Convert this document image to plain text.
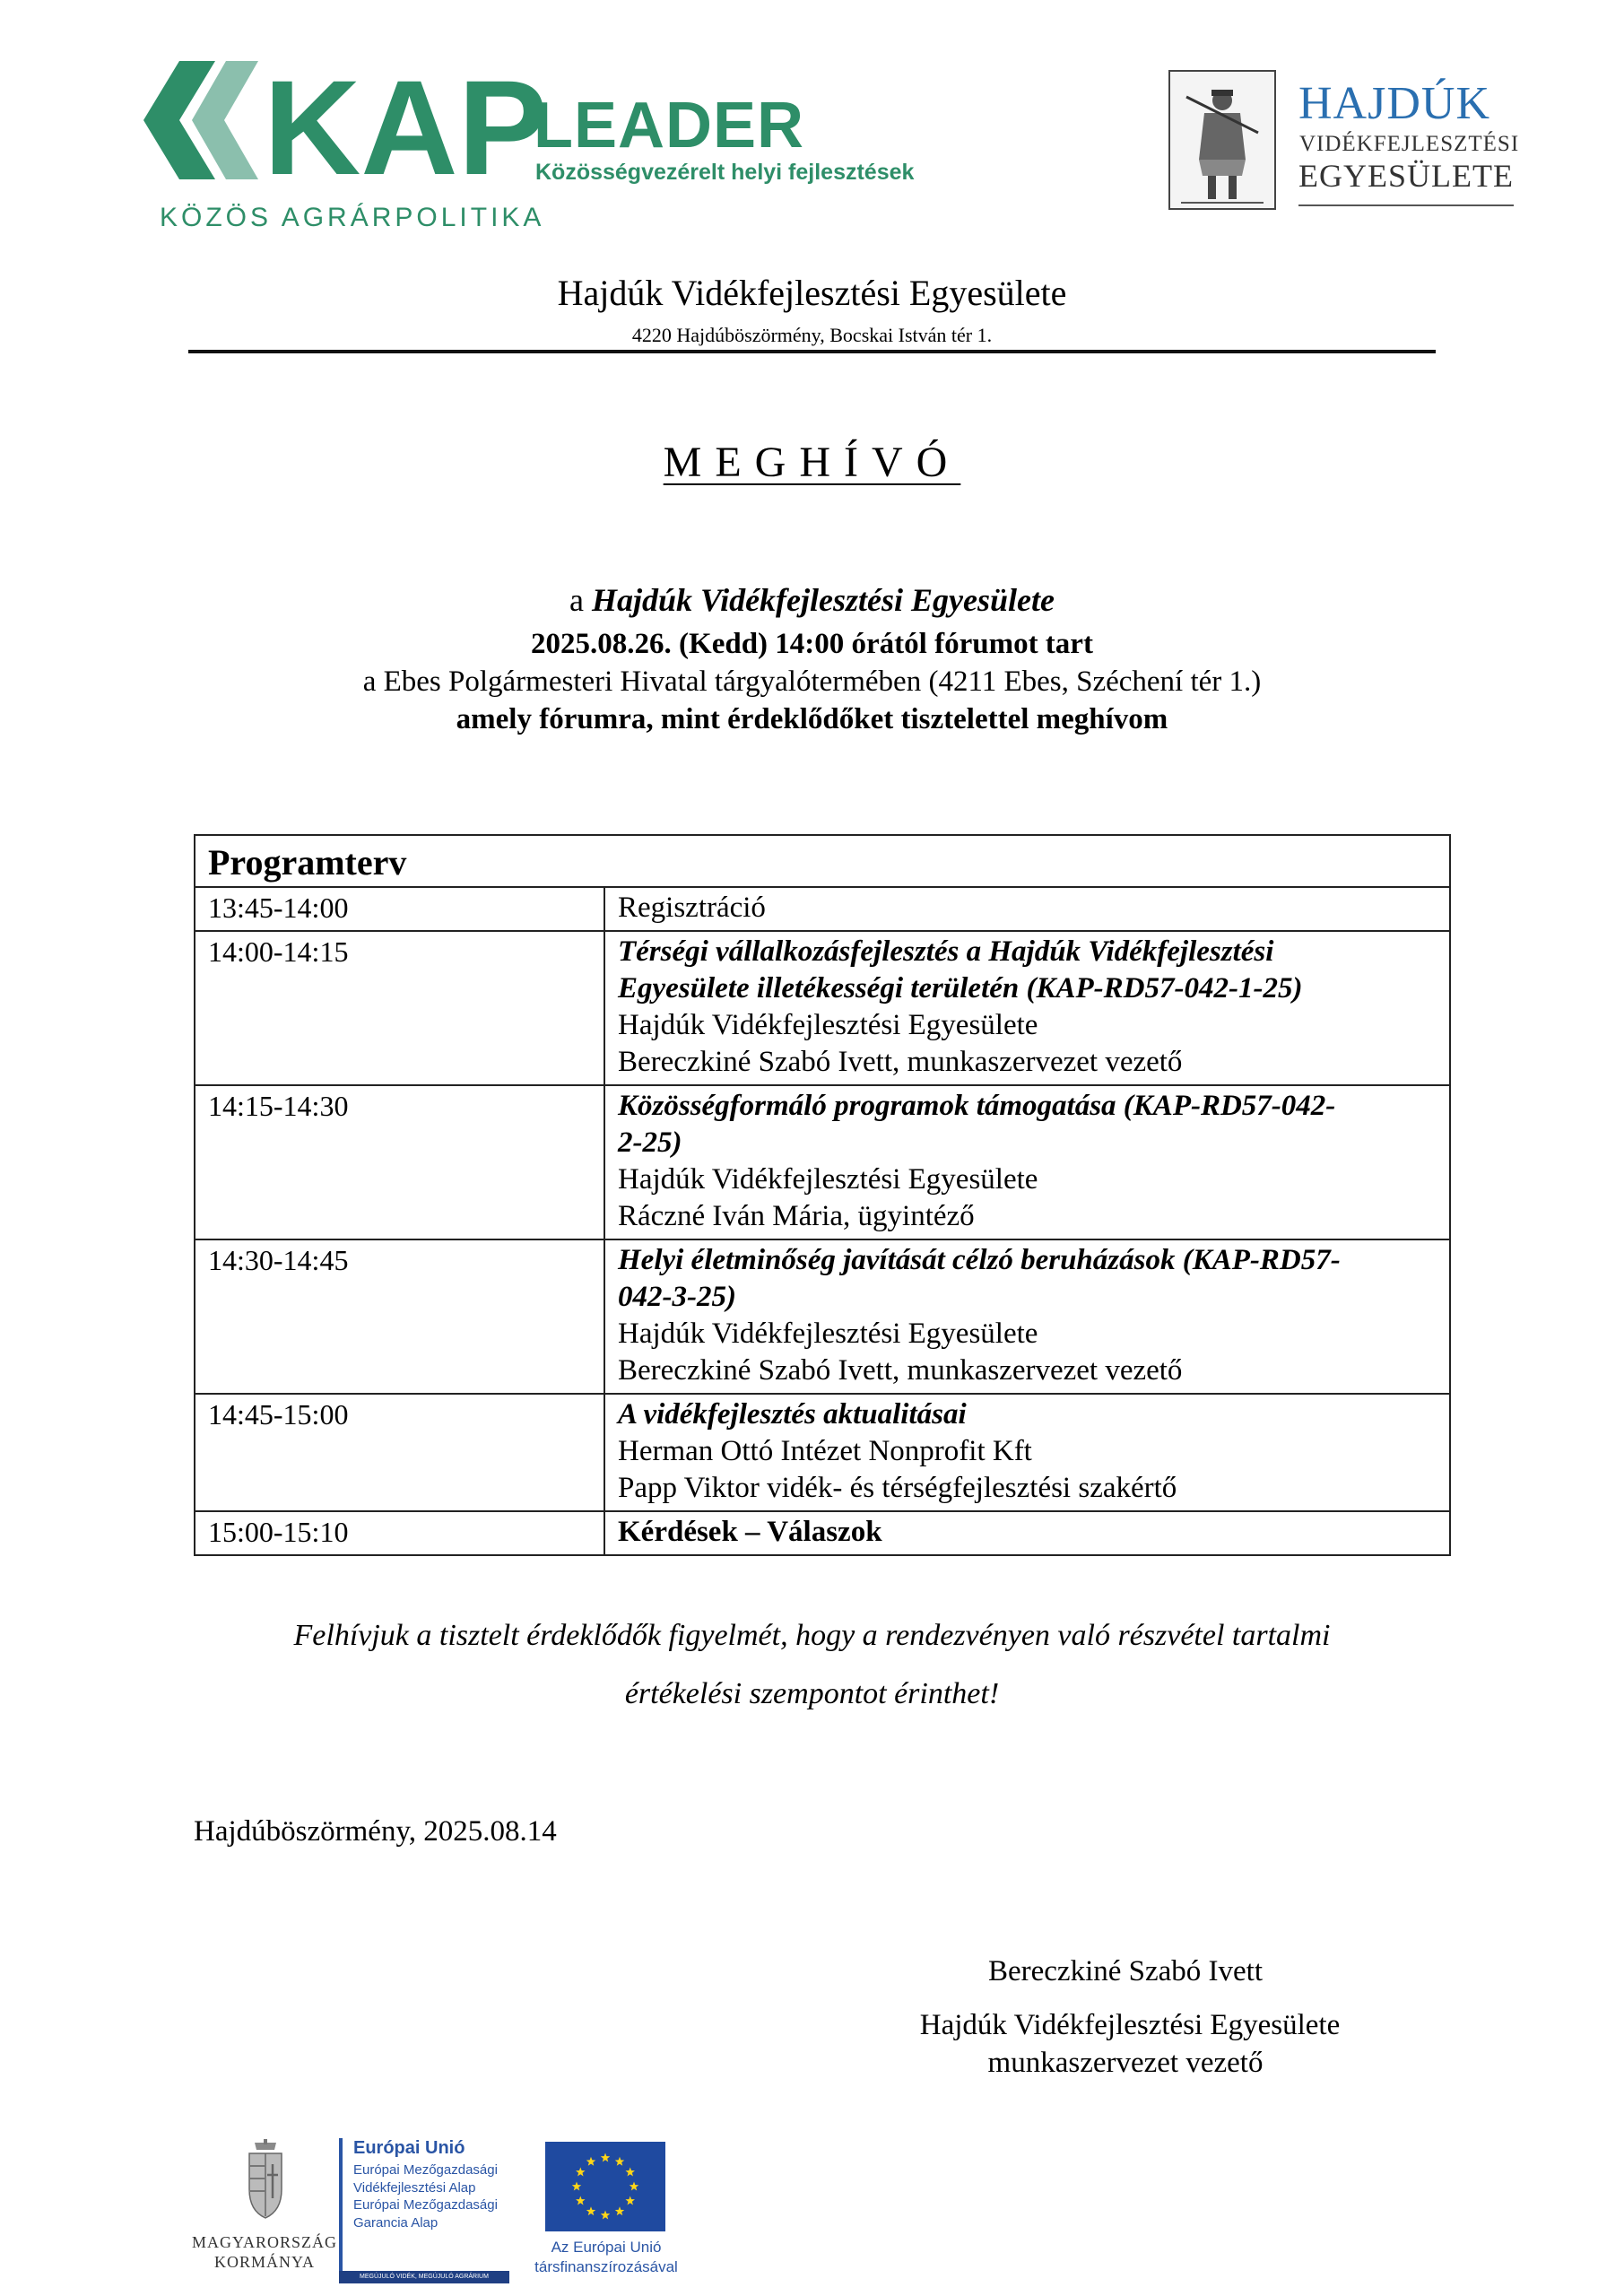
KAP
KÖZÖS AGRÁRPOLITIKA
LEADER
Közösségvezérelt helyi fejlesztések
HAJDÚK
VIDÉKFEJLESZTÉSI
EGYESÜLETE
Hajdúk Vidékfejlesztési Egyesülete
4220 Hajdúböszörmény, Bocskai István tér 1.
MEGHÍVÓ
a Hajdúk Vidékfejlesztési Egyesülete
2025.08.26. (Kedd) 14:00 órától fórumot tart
a Ebes Polgármesteri Hivatal tárgyalótermében (4211 Ebes, Széchení tér 1.)
amely fórumra, mint érdeklődőket tisztelettel meghívom
Programterv	
13:45-14:00	Regisztráció

14:00-14:15	Térségi vállalkozásfejlesztés a Hajdúk Vidékfejlesztési
Egyesülete illetékességi területén (KAP-RD57-042-1-25)
Hajdúk Vidékfejlesztési Egyesülete
Bereczkiné Szabó Ivett, munkaszervezet vezető

14:15-14:30	Közösségformáló programok támogatása (KAP-RD57-042-
2-25)
Hajdúk Vidékfejlesztési Egyesülete
Ráczné Iván Mária, ügyintéző

14:30-14:45	Helyi életminőség javítását célzó beruházások (KAP-RD57-
042-3-25)
Hajdúk Vidékfejlesztési Egyesülete
Bereczkiné Szabó Ivett, munkaszervezet vezető

14:45-15:00	A vidékfejlesztés aktualitásai
Herman Ottó Intézet Nonprofit Kft
Papp Viktor vidék- és térségfejlesztési szakértő

15:00-15:10	Kérdések – Válaszok
Felhívjuk a tisztelt érdeklődők figyelmét, hogy a rendezvényen való részvétel tartalmi
értékelési szempontot érinthet!
Hajdúböszörmény, 2025.08.14
Bereczkiné Szabó Ivett
Hajdúk Vidékfejlesztési Egyesülete
munkaszervezet vezető
MAGYARORSZÁG
KORMÁNYA
Európai Unió
Európai Mezőgazdasági
Vidékfejlesztési Alap
Európai Mezőgazdasági
Garancia Alap
MEGÚJULÓ VIDÉK, MEGÚJULÓ AGRÁRIUM
Az Európai Unió
társfinanszírozásával
